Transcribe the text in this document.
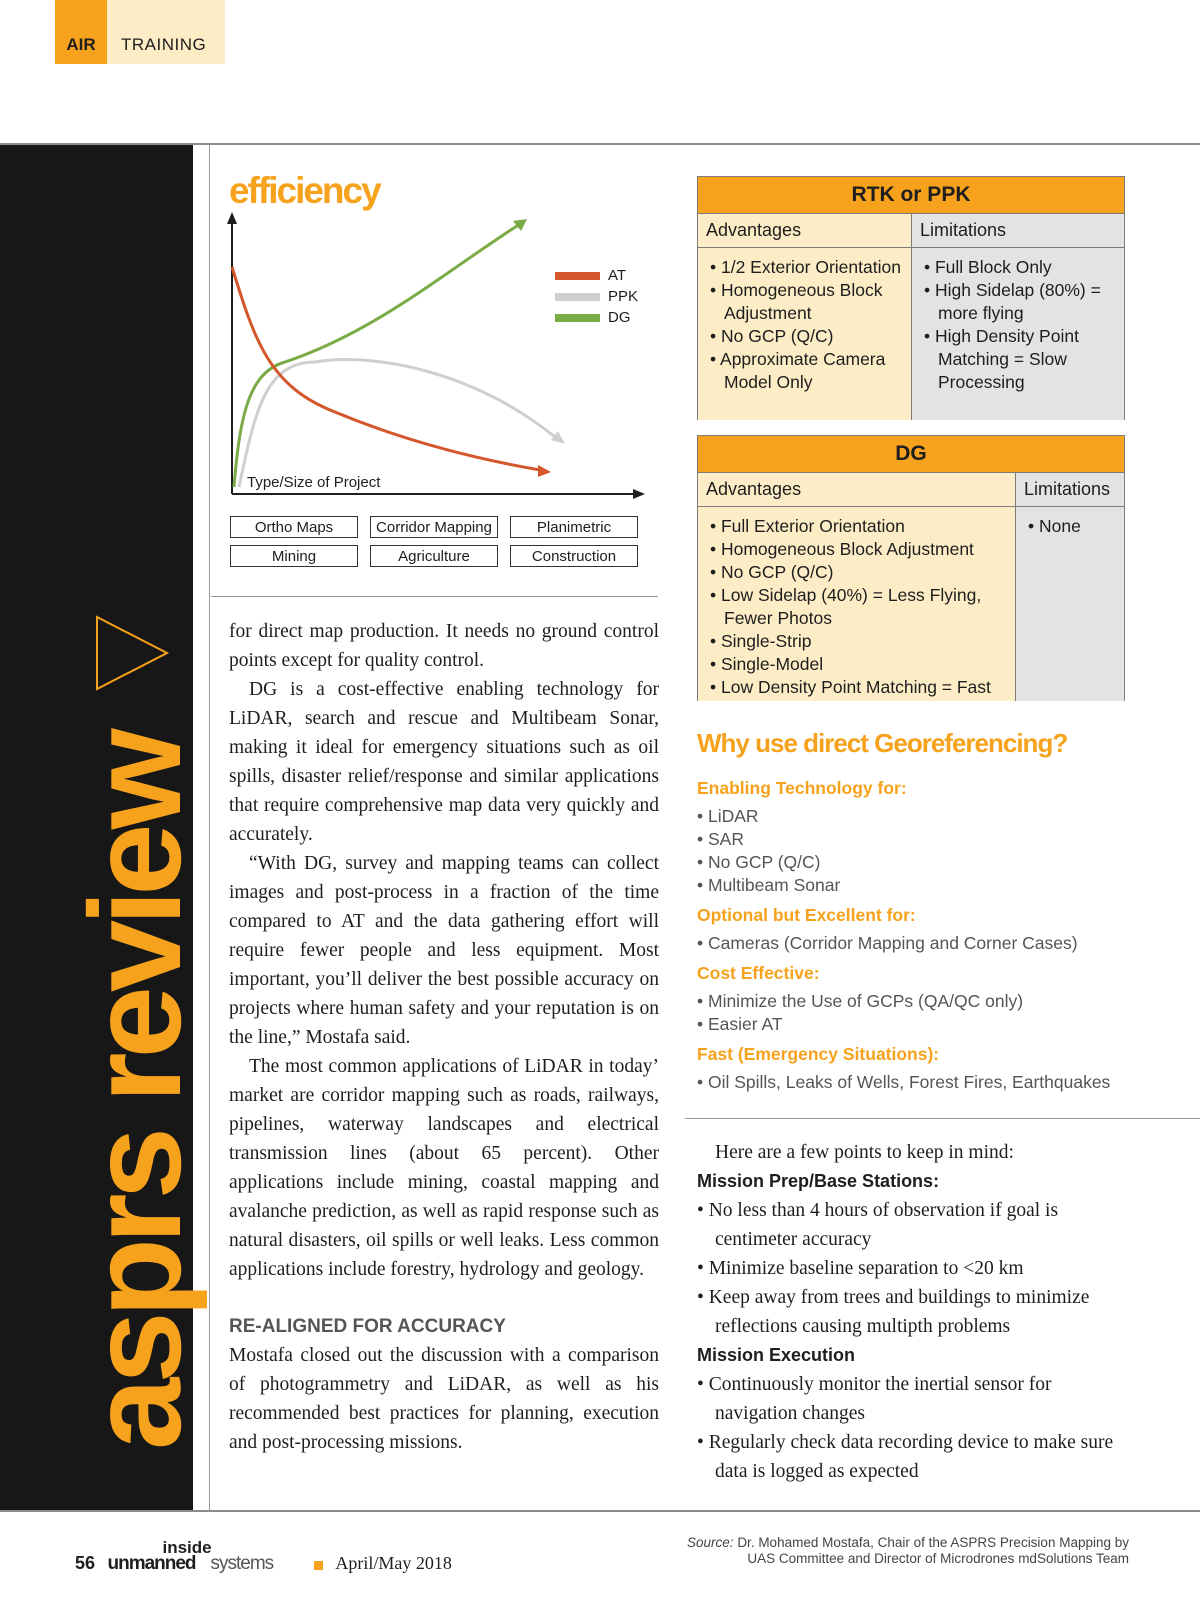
AIR	TRAINING
asprs review
efficiency
AT
PPK
DG
Type/Size of Project
Ortho Maps	Corridor Mapping	Planimetric
Mining	Agriculture	Construction

for direct map production. It needs no ground control points except for quality control.

DG is a cost-effective enabling technology for LiDAR, search and rescue and Multibeam Sonar, making it ideal for emergency situations such as oil spills, disaster relief/response and similar applications that require comprehensive map data very quickly and accurately.

“With DG, survey and mapping teams can collect images and post-process in a fraction of the time compared to AT and the data gathering effort will require fewer people and less equipment. Most important, you’ll deliver the best possible accuracy on projects where human safety and your reputation is on the line,” Mostafa said.

The most common applications of LiDAR in today’ market are corridor mapping such as roads, railways, pipelines, waterway landscapes and electrical transmission lines (about 65 percent). Other applications include mining, coastal mapping and avalanche prediction, as well as rapid response such as natural disasters, oil spills or well leaks. Less common applications include forestry, hydrology and geology.

RE-ALIGNED FOR ACCURACY

Mostafa closed out the discussion with a comparison of photogrammetry and LiDAR, as well as his recommended best practices for planning, execution and post-processing missions.

RTK or PPK
Advantages
• 1/2 Exterior Orientation
• Homogeneous Block Adjustment
• No GCP (Q/C)
• Approximate Camera Model Only
Limitations
• Full Block Only
• High Sidelap (80%) = more flying
• High Density Point Matching = Slow Processing
DG
Advantages
• Full Exterior Orientation
• Homogeneous Block Adjustment
• No GCP (Q/C)
• Low Sidelap (40%) = Less Flying, Fewer Photos
• Single-Strip
• Single-Model
• Low Density Point Matching = Fast
Limitations
• None
Why use direct Georeferencing?
Enabling Technology for:
• LiDAR
• SAR
• No GCP (Q/C)
• Multibeam Sonar
Optional but Excellent for:
• Cameras (Corridor Mapping and Corner Cases)
Cost Effective:
• Minimize the Use of GCPs (QA/QC only)
• Easier AT
Fast (Emergency Situations):
• Oil Spills, Leaks of Wells, Forest Fires, Earthquakes
Here are a few points to keep in mind:
Mission Prep/Base Stations:
• No less than 4 hours of observation if goal is centimeter accuracy
• Minimize baseline separation to <20 km
• Keep away from trees and buildings to minimize reflections causing multipth problems
Mission Execution
• Continuously monitor the inertial sensor for navigation changes
• Regularly check data recording device to make sure data is logged as expected
56
inside
unmanned systems	April/May 2018
Source: Dr. Mohamed Mostafa, Chair of the ASPRS Precision Mapping by UAS Committee and Director of Microdrones mdSolutions Team
